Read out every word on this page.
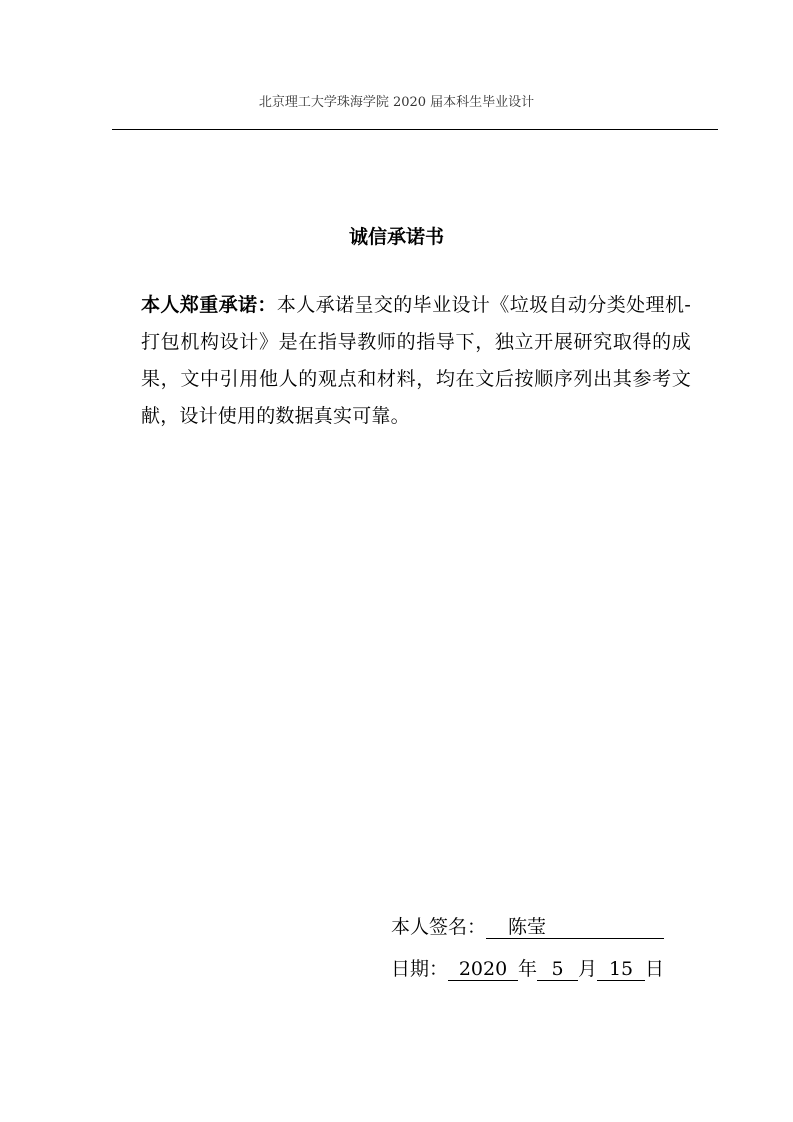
北京理工大学珠海学院 2020 届本科生毕业设计
诚信承诺书
本人郑重承诺：本人承诺呈交的毕业设计《垃圾自动分类处理机-打包机构设计》是在指导教师的指导下，独立开展研究取得的成果，文中引用他人的观点和材料，均在文后按顺序列出其参考文献，设计使用的数据真实可靠。
本人签名： 陈莹
日期： 2020 年 5 月 15 日
